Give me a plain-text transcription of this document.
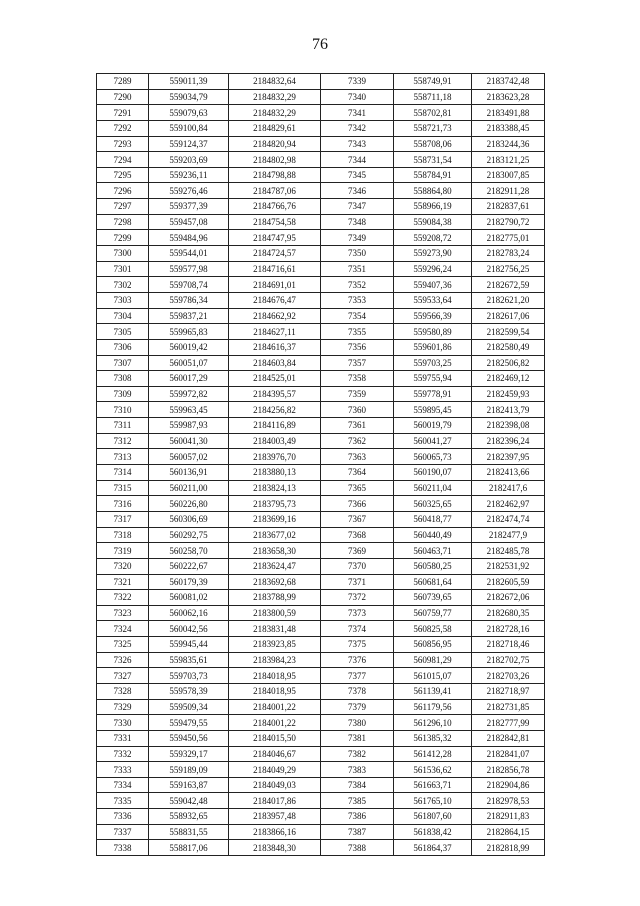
76
7289	559011,39	2184832,64	7339	558749,91	2183742,48
7290	559034,79	2184832,29	7340	558711,18	2183623,28
7291	559079,63	2184832,29	7341	558702,81	2183491,88
7292	559100,84	2184829,61	7342	558721,73	2183388,45
7293	559124,37	2184820,94	7343	558708,06	2183244,36
7294	559203,69	2184802,98	7344	558731,54	2183121,25
7295	559236,11	2184798,88	7345	558784,91	2183007,85
7296	559276,46	2184787,06	7346	558864,80	2182911,28
7297	559377,39	2184766,76	7347	558966,19	2182837,61
7298	559457,08	2184754,58	7348	559084,38	2182790,72
7299	559484,96	2184747,95	7349	559208,72	2182775,01
7300	559544,01	2184724,57	7350	559273,90	2182783,24
7301	559577,98	2184716,61	7351	559296,24	2182756,25
7302	559708,74	2184691,01	7352	559407,36	2182672,59
7303	559786,34	2184676,47	7353	559533,64	2182621,20
7304	559837,21	2184662,92	7354	559566,39	2182617,06
7305	559965,83	2184627,11	7355	559580,89	2182599,54
7306	560019,42	2184616,37	7356	559601,86	2182580,49
7307	560051,07	2184603,84	7357	559703,25	2182506,82
7308	560017,29	2184525,01	7358	559755,94	2182469,12
7309	559972,82	2184395,57	7359	559778,91	2182459,93
7310	559963,45	2184256,82	7360	559895,45	2182413,79
7311	559987,93	2184116,89	7361	560019,79	2182398,08
7312	560041,30	2184003,49	7362	560041,27	2182396,24
7313	560057,02	2183976,70	7363	560065,73	2182397,95
7314	560136,91	2183880,13	7364	560190,07	2182413,66
7315	560211,00	2183824,13	7365	560211,04	2182417,6
7316	560226,80	2183795,73	7366	560325,65	2182462,97
7317	560306,69	2183699,16	7367	560418,77	2182474,74
7318	560292,75	2183677,02	7368	560440,49	2182477,9
7319	560258,70	2183658,30	7369	560463,71	2182485,78
7320	560222,67	2183624,47	7370	560580,25	2182531,92
7321	560179,39	2183692,68	7371	560681,64	2182605,59
7322	560081,02	2183788,99	7372	560739,65	2182672,06
7323	560062,16	2183800,59	7373	560759,77	2182680,35
7324	560042,56	2183831,48	7374	560825,58	2182728,16
7325	559945,44	2183923,85	7375	560856,95	2182718,46
7326	559835,61	2183984,23	7376	560981,29	2182702,75
7327	559703,73	2184018,95	7377	561015,07	2182703,26
7328	559578,39	2184018,95	7378	561139,41	2182718,97
7329	559509,34	2184001,22	7379	561179,56	2182731,85
7330	559479,55	2184001,22	7380	561296,10	2182777,99
7331	559450,56	2184015,50	7381	561385,32	2182842,81
7332	559329,17	2184046,67	7382	561412,28	2182841,07
7333	559189,09	2184049,29	7383	561536,62	2182856,78
7334	559163,87	2184049,03	7384	561663,71	2182904,86
7335	559042,48	2184017,86	7385	561765,10	2182978,53
7336	558932,65	2183957,48	7386	561807,60	2182911,83
7337	558831,55	2183866,16	7387	561838,42	2182864,15
7338	558817,06	2183848,30	7388	561864,37	2182818,99
